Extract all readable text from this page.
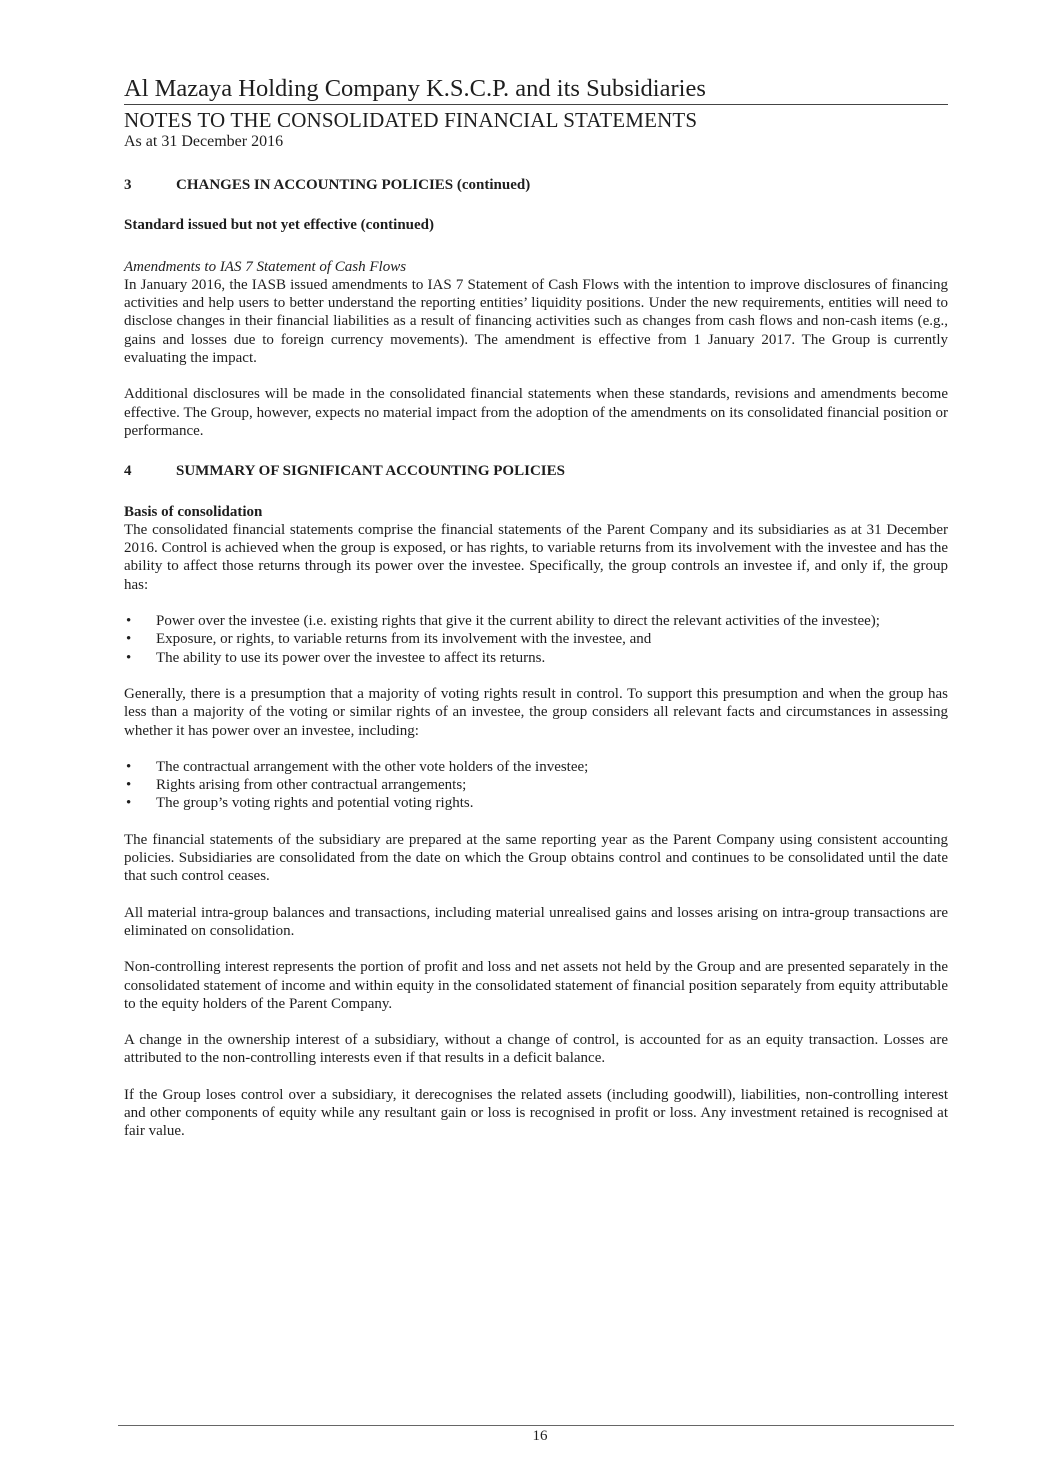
Al Mazaya Holding Company K.S.C.P. and its Subsidiaries
NOTES TO THE CONSOLIDATED FINANCIAL STATEMENTS
As at 31 December 2016
3	CHANGES IN ACCOUNTING POLICIES (continued)

Standard issued but not yet effective (continued)

Amendments to IAS 7 Statement of Cash Flows

In January 2016, the IASB issued amendments to IAS 7 Statement of Cash Flows with the intention to improve disclosures of financing activities and help users to better understand the reporting entities’ liquidity positions. Under the new requirements, entities will need to disclose changes in their financial liabilities as a result of financing activities such as changes from cash flows and non-cash items (e.g., gains and losses due to foreign currency movements). The amendment is effective from 1 January 2017. The Group is currently evaluating the impact.

Additional disclosures will be made in the consolidated financial statements when these standards, revisions and amendments become effective. The Group, however, expects no material impact from the adoption of the amendments on its consolidated financial position or performance.

4	SUMMARY OF SIGNIFICANT ACCOUNTING POLICIES

Basis of consolidation

The consolidated financial statements comprise the financial statements of the Parent Company and its subsidiaries as at 31 December 2016. Control is achieved when the group is exposed, or has rights, to variable returns from its involvement with the investee and has the ability to affect those returns through its power over the investee. Specifically, the group controls an investee if, and only if, the group has:

• Power over the investee (i.e. existing rights that give it the current ability to direct the relevant activities of the investee);
• Exposure, or rights, to variable returns from its involvement with the investee, and
• The ability to use its power over the investee to affect its returns.

Generally, there is a presumption that a majority of voting rights result in control. To support this presumption and when the group has less than a majority of the voting or similar rights of an investee, the group considers all relevant facts and circumstances in assessing whether it has power over an investee, including:

• The contractual arrangement with the other vote holders of the investee;
• Rights arising from other contractual arrangements;
• The group’s voting rights and potential voting rights.

The financial statements of the subsidiary are prepared at the same reporting year as the Parent Company using consistent accounting policies. Subsidiaries are consolidated from the date on which the Group obtains control and continues to be consolidated until the date that such control ceases.

All material intra-group balances and transactions, including material unrealised gains and losses arising on intra-group transactions are eliminated on consolidation.

Non-controlling interest represents the portion of profit and loss and net assets not held by the Group and are presented separately in the consolidated statement of income and within equity in the consolidated statement of financial position separately from equity attributable to the equity holders of the Parent Company.

A change in the ownership interest of a subsidiary, without a change of control, is accounted for as an equity transaction. Losses are attributed to the non-controlling interests even if that results in a deficit balance.

If the Group loses control over a subsidiary, it derecognises the related assets (including goodwill), liabilities, non-controlling interest and other components of equity while any resultant gain or loss is recognised in profit or loss. Any investment retained is recognised at fair value.

16
